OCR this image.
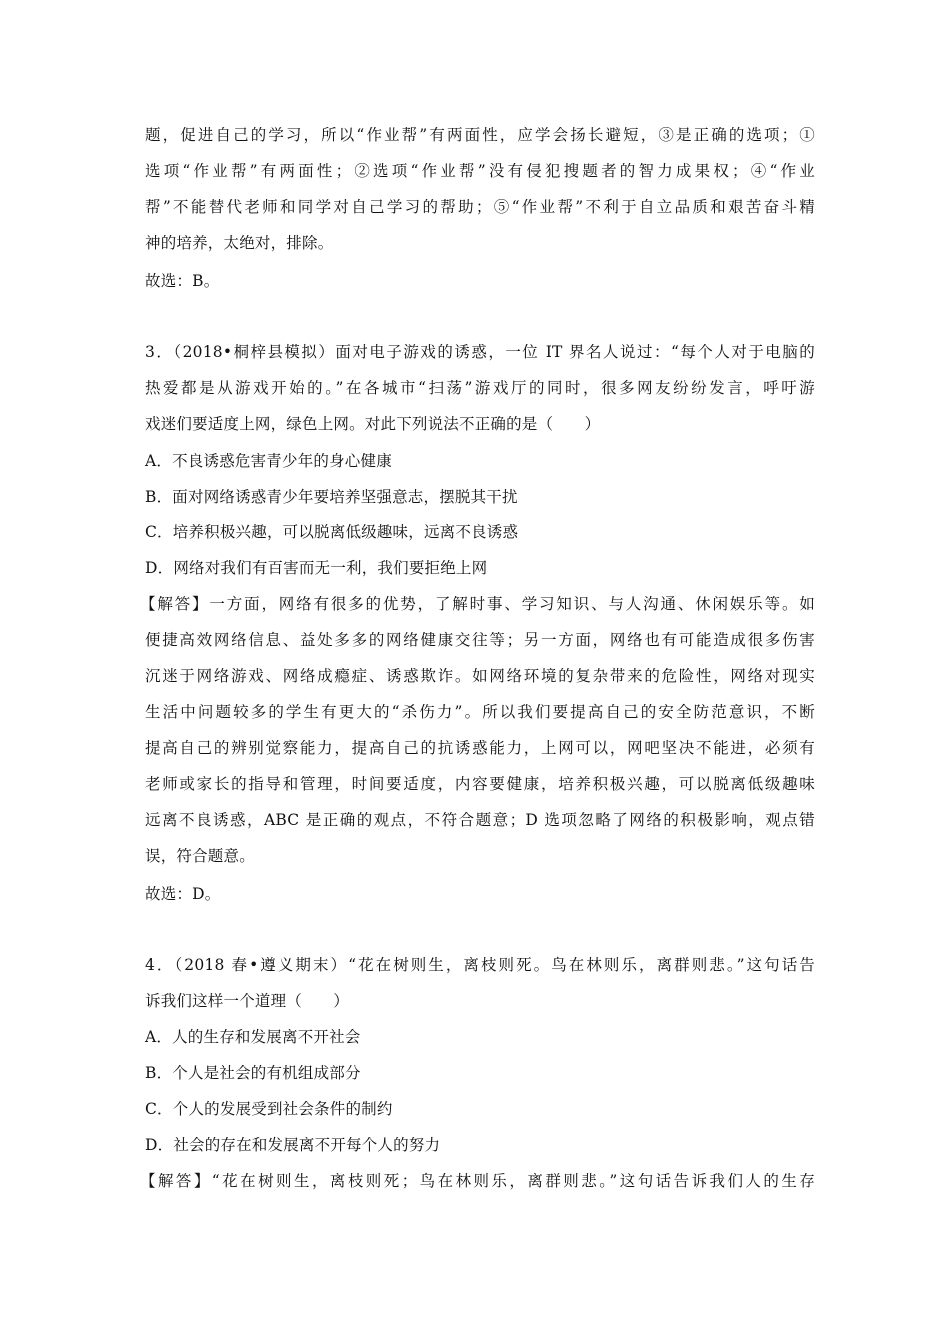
题，促进自己的学习，所以“作业帮”有两面性，应学会扬长避短，③是正确的选项；①
选项“作业帮”有两面性；②选项“作业帮”没有侵犯搜题者的智力成果权；④“作业
帮”不能替代老师和同学对自己学习的帮助；⑤“作业帮”不利于自立品质和艰苦奋斗精
神的培养，太绝对，排除。
故选：B。
3．（2018•桐梓县模拟）面对电子游戏的诱惑，一位 IT 界名人说过：“每个人对于电脑的
热爱都是从游戏开始的。”在各城市“扫荡”游戏厅的同时，很多网友纷纷发言，呼吁游
戏迷们要适度上网，绿色上网。对此下列说法不正确的是（　　）
A．不良诱惑危害青少年的身心健康
B．面对网络诱惑青少年要培养坚强意志，摆脱其干扰
C．培养积极兴趣，可以脱离低级趣味，远离不良诱惑
D．网络对我们有百害而无一利，我们要拒绝上网
【解答】一方面，网络有很多的优势，了解时事、学习知识、与人沟通、休闲娱乐等。如
便捷高效网络信息、益处多多的网络健康交往等；另一方面，网络也有可能造成很多伤害
沉迷于网络游戏、网络成瘾症、诱惑欺诈。如网络环境的复杂带来的危险性，网络对现实
生活中问题较多的学生有更大的“杀伤力”。所以我们要提高自己的安全防范意识，不断
提高自己的辨别觉察能力，提高自己的抗诱惑能力，上网可以，网吧坚决不能进，必须有
老师或家长的指导和管理，时间要适度，内容要健康，培养积极兴趣，可以脱离低级趣味
远离不良诱惑，ABC 是正确的观点，不符合题意；D 选项忽略了网络的积极影响，观点错
误，符合题意。
故选：D。
4．（2018 春•遵义期末）“花在树则生，离枝则死。鸟在林则乐，离群则悲。”这句话告
诉我们这样一个道理（　　）
A．人的生存和发展离不开社会
B．个人是社会的有机组成部分
C．个人的发展受到社会条件的制约
D．社会的存在和发展离不开每个人的努力
【解答】“花在树则生，离枝则死；鸟在林则乐，离群则悲。”这句话告诉我们人的生存
